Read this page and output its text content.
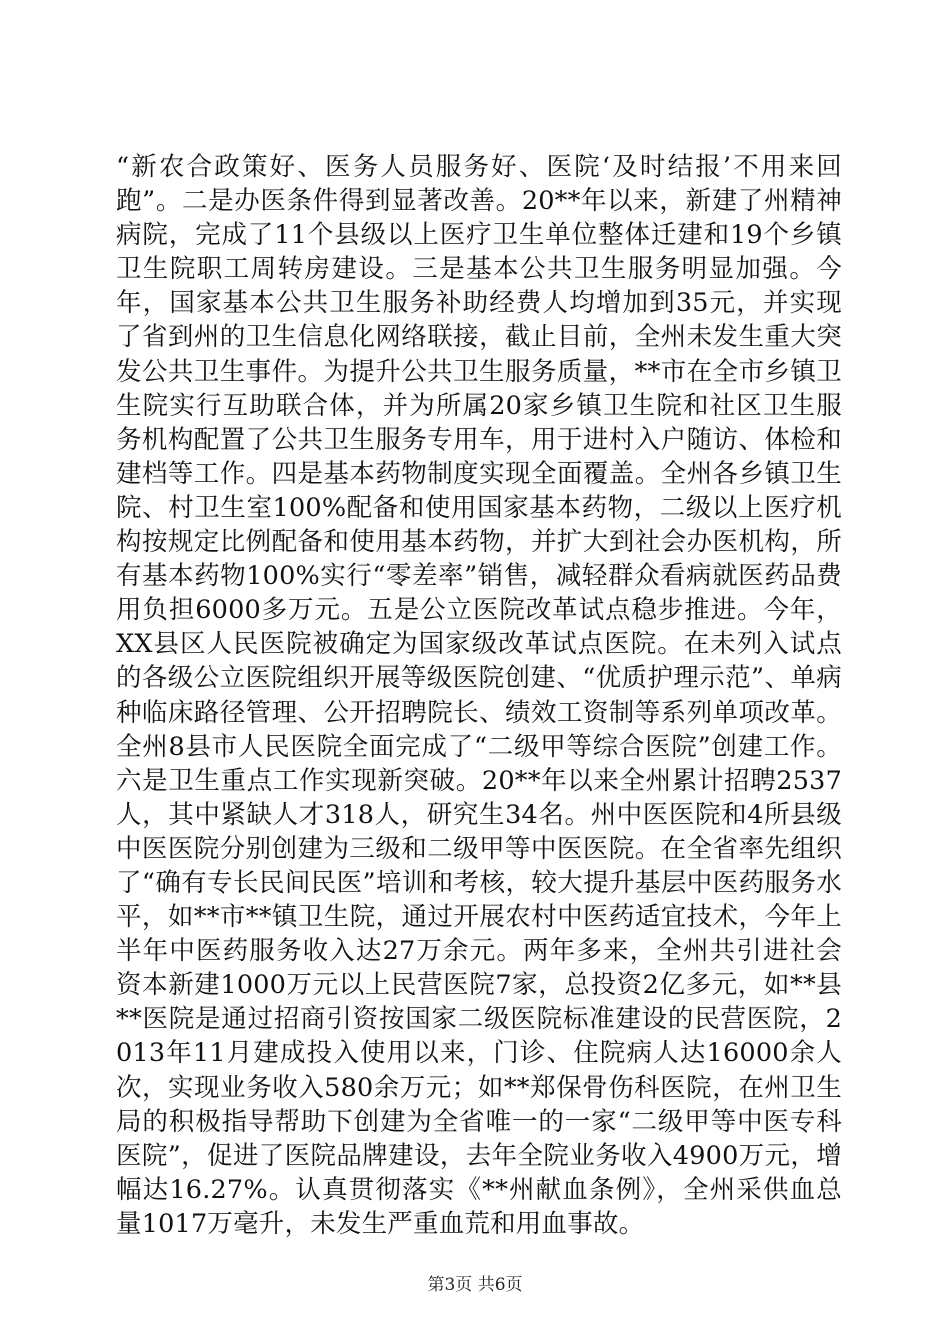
“新农合政策好、医务人员服务好、医院‘及时结报’不用来回跑”。二是办医条件得到显著改善。20**年以来，新建了州精神病院，完成了11个县级以上医疗卫生单位整体迁建和19个乡镇卫生院职工周转房建设。三是基本公共卫生服务明显加强。今年，国家基本公共卫生服务补助经费人均增加到35元，并实现了省到州的卫生信息化网络联接，截止目前，全州未发生重大突发公共卫生事件。为提升公共卫生服务质量，**市在全市乡镇卫生院实行互助联合体，并为所属20家乡镇卫生院和社区卫生服务机构配置了公共卫生服务专用车，用于进村入户随访、体检和建档等工作。四是基本药物制度实现全面覆盖。全州各乡镇卫生院、村卫生室100%配备和使用国家基本药物，二级以上医疗机构按规定比例配备和使用基本药物，并扩大到社会办医机构，所有基本药物100%实行“零差率”销售，减轻群众看病就医药品费用负担6000多万元。五是公立医院改革试点稳步推进。今年，XX县区人民医院被确定为国家级改革试点医院。在未列入试点的各级公立医院组织开展等级医院创建、“优质护理示范”、单病种临床路径管理、公开招聘院长、绩效工资制等系列单项改革。全州8县市人民医院全面完成了“二级甲等综合医院”创建工作。六是卫生重点工作实现新突破。20**年以来全州累计招聘2537人，其中紧缺人才318人，研究生34名。州中医医院和4所县级中医医院分别创建为三级和二级甲等中医医院。在全省率先组织了“确有专长民间民医”培训和考核，较大提升基层中医药服务水平，如**市**镇卫生院，通过开展农村中医药适宜技术，今年上半年中医药服务收入达27万余元。两年多来，全州共引进社会资本新建1000万元以上民营医院7家，总投资2亿多元，如**县**医院是通过招商引资按国家二级医院标准建设的民营医院，2013年11月建成投入使用以来，门诊、住院病人达16000余人次，实现业务收入580余万元；如**郑保骨伤科医院，在州卫生局的积极指导帮助下创建为全省唯一的一家“二级甲等中医专科医院”，促进了医院品牌建设，去年全院业务收入4900万元，增幅达16.27%。认真贯彻落实《**州献血条例》，全州采供血总量1017万毫升，未发生严重血荒和用血事故。

第3页 共6页
